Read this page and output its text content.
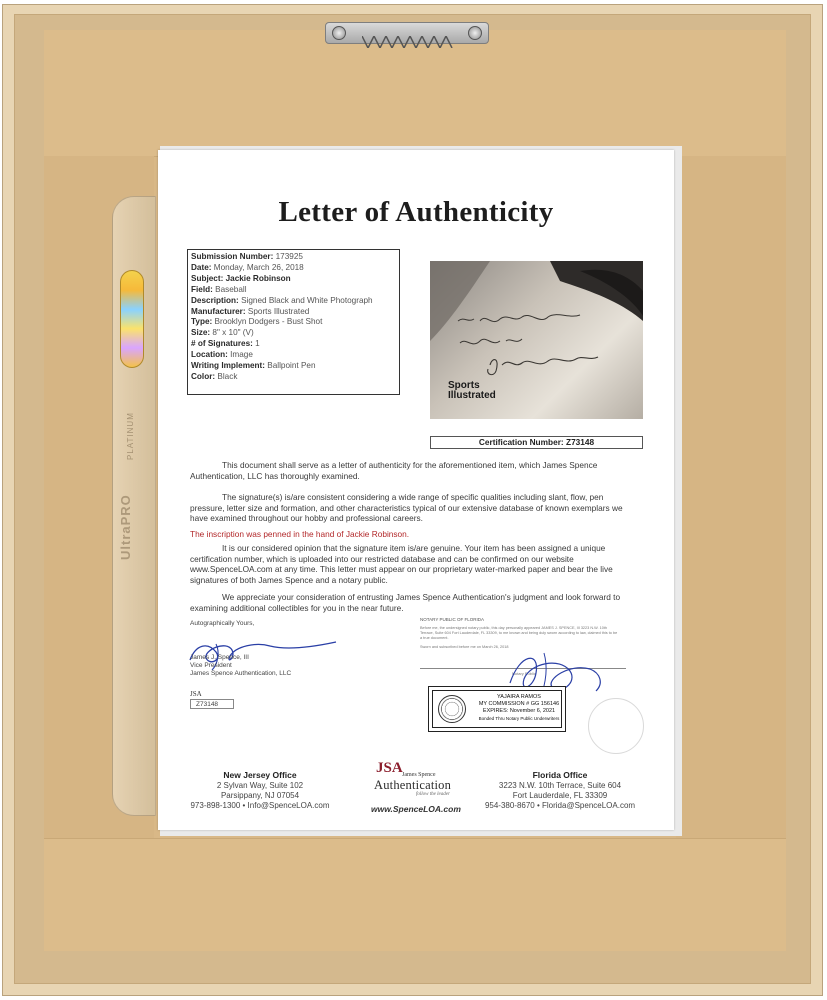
PLATINUM
UltraPRO
Letter of Authenticity
Submission Number: 173925
Date: Monday, March 26, 2018
Subject: Jackie Robinson
Field: Baseball
Description: Signed Black and White Photograph
Manufacturer: Sports Illustrated
Type: Brooklyn Dodgers - Bust Shot
Size: 8" x 10" (V)
# of Signatures: 1
Location: Image
Writing Implement: Ballpoint Pen
Color: Black
Sports
Illustrated
Certification Number: Z73148
This document shall serve as a letter of authenticity for the aforementioned item, which James Spence Authentication, LLC has thoroughly examined.
The signature(s) is/are consistent considering a wide range of specific qualities including slant, flow, pen pressure, letter size and formation, and other characteristics typical of our extensive database of known exemplars we have examined throughout our hobby and professional careers.
The inscription was penned in the hand of Jackie Robinson.
It is our considered opinion that the signature item is/are genuine. Your item has been assigned a unique certification number, which is uploaded into our restricted database and can be confirmed on our website www.SpenceLOA.com at any time. This letter must appear on our proprietary water-marked paper and bear the live signatures of both James Spence and a notary public.
We appreciate your consideration of entrusting James Spence Authentication's judgment and look forward to examining additional collectibles for you in the near future.
Autographically Yours,
James J. Spence, III
Vice President
James Spence Authentication, LLC
JSA
Z73148
NOTARY PUBLIC OF FLORIDA
Before me, the undersigned notary public, this day personally appeared JAMES J. SPENCE, III 3223 N.W. 10th Terrace, Suite 604 Fort Lauderdale, FL 33309, to me known and being duly sworn according to law, claimed this to be a true document.
Sworn and subscribed before me on March 26, 2018
Notary Public
YAJAIRA RAMOS
MY COMMISSION # GG 156146
EXPIRES: November 6, 2021
Bonded Thru Notary Public Underwriters
New Jersey Office
2 Sylvan Way, Suite 102
Parsippany, NJ 07054
973-898-1300 • Info@SpenceLOA.com
JSA James Spence
Authentication
follow the leader
www.SpenceLOA.com
Florida Office
3223 N.W. 10th Terrace, Suite 604
Fort Lauderdale, FL 33309
954-380-8670 • Florida@SpenceLOA.com
